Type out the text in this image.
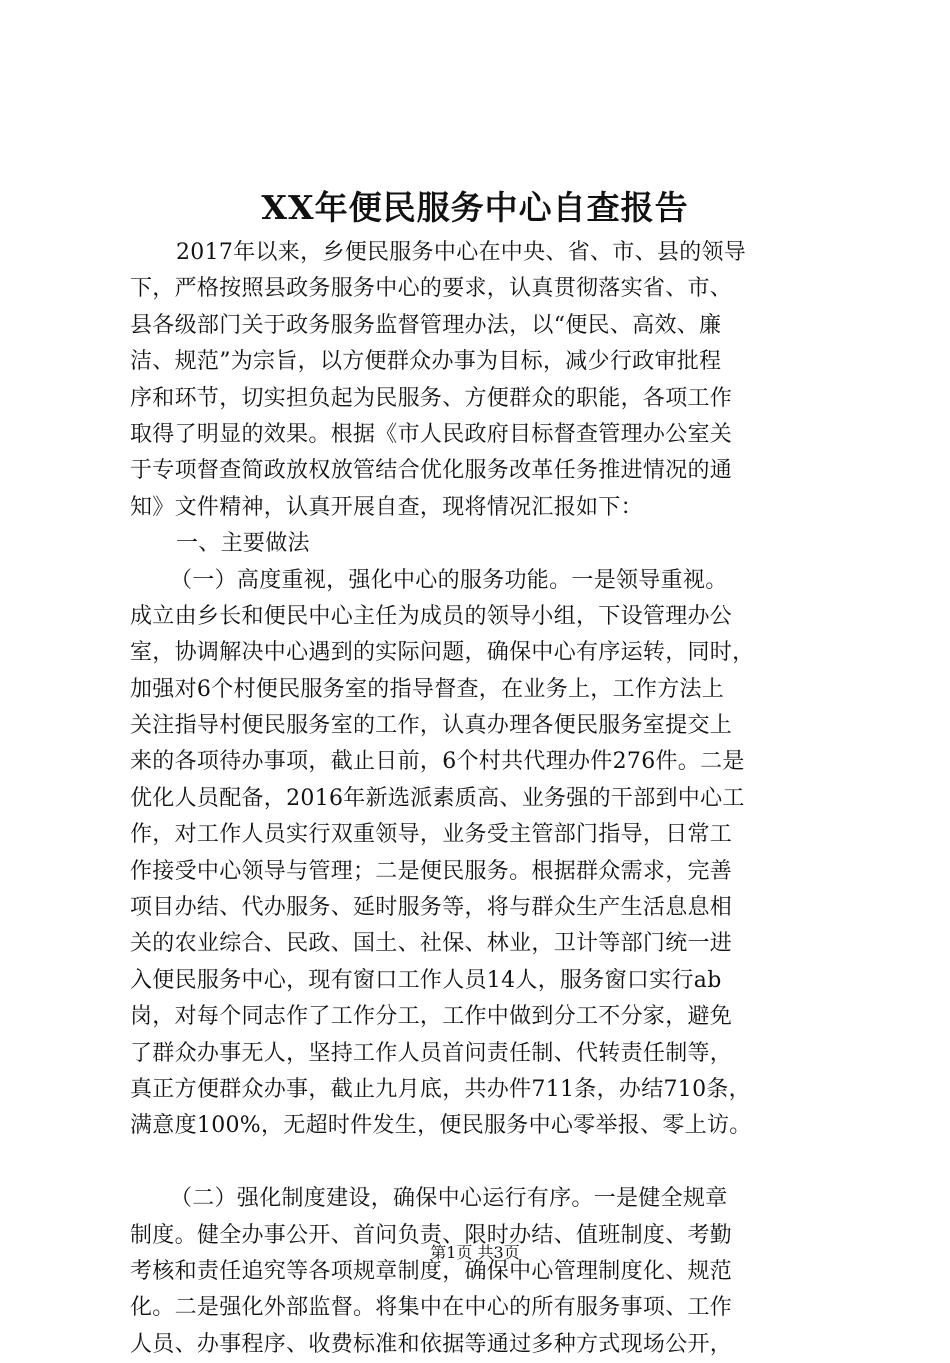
XX年便民服务中心自查报告
2017年以来，乡便民服务中心在中央、省、市、县的领导
下，严格按照县政务服务中心的要求，认真贯彻落实省、市、
县各级部门关于政务服务监督管理办法，以“便民、高效、廉
洁、规范”为宗旨，以方便群众办事为目标，减少行政审批程
序和环节，切实担负起为民服务、方便群众的职能，各项工作
取得了明显的效果。根据《市人民政府目标督查管理办公室关
于专项督查简政放权放管结合优化服务改革任务推进情况的通
知》文件精神，认真开展自查，现将情况汇报如下：
一、主要做法
（一）高度重视，强化中心的服务功能。一是领导重视。
成立由乡长和便民中心主任为成员的领导小组，下设管理办公
室，协调解决中心遇到的实际问题，确保中心有序运转，同时，
加强对6个村便民服务室的指导督查，在业务上，工作方法上
关注指导村便民服务室的工作，认真办理各便民服务室提交上
来的各项待办事项，截止日前，6个村共代理办件276件。二是
优化人员配备，2016年新选派素质高、业务强的干部到中心工
作，对工作人员实行双重领导，业务受主管部门指导，日常工
作接受中心领导与管理；二是便民服务。根据群众需求，完善
项目办结、代办服务、延时服务等，将与群众生产生活息息相
关的农业综合、民政、国土、社保、林业，卫计等部门统一进
入便民服务中心，现有窗口工作人员14人，服务窗口实行ab
岗，对每个同志作了工作分工，工作中做到分工不分家，避免
了群众办事无人，坚持工作人员首问责任制、代转责任制等，
真正方便群众办事，截止九月底，共办件711条，办结710条，
满意度100%，无超时件发生，便民服务中心零举报、零上访。
（二）强化制度建设，确保中心运行有序。一是健全规章
制度。健全办事公开、首问负责、限时办结、值班制度、考勤
考核和责任追究等各项规章制度，确保中心管理制度化、规范
化。二是强化外部监督。将集中在中心的所有服务事项、工作
人员、办事程序、收费标准和依据等通过多种方式现场公开，
第1页 共3页
